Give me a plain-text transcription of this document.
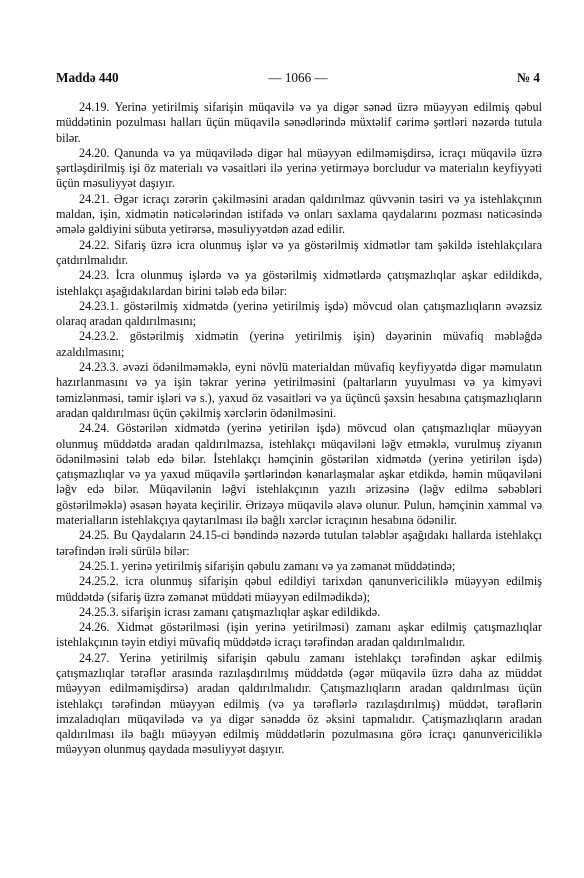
Maddə 440	— 1066 —	№ 4

24.19. Yerinə yetirilmiş sifarişin müqavilə və ya digər sənəd üzrə müəyyən edilmiş qəbul müddətinin pozulması halları üçün müqavilə sənədlərində müxtəlif cərimə şərtləri nəzərdə tutula bilər.

24.20. Qanunda və ya müqavilədə digər hal müəyyən edilməmişdirsə, icraçı müqavilə üzrə şərtləşdirilmiş işi öz materialı və vəsaitləri ilə yerinə yetirməyə borcludur və materialın keyfiyyəti üçün məsuliyyət daşıyır.

24.21. Əgər icraçı zərərin çəkilməsini aradan qaldırılmaz qüvvənin təsiri və ya istehlakçının maldan, işin, xidmətin nəticələrindən istifadə və onları saxlama qaydalarını pozması nəticəsində əmələ gəldiyini sübuta yetirərsə, məsuliyyətdən azad edilir.

24.22. Sifariş üzrə icra olunmuş işlər və ya göstərilmiş xidmətlər tam şəkildə istehlakçılara çatdırılmalıdır.

24.23. İcra olunmuş işlərdə və ya göstərilmiş xidmətlərdə çatışmazlıqlar aşkar edildikdə, istehlakçı aşağıdakılardan birini tələb edə bilər:

24.23.1. göstərilmiş xidmətdə (yerinə yetirilmiş işdə) mövcud olan çatışmazlıqların əvəzsiz olaraq aradan qaldırılmasını;

24.23.2. göstərilmiş xidmətin (yerinə yetirilmiş işin) dəyərinin müvafiq məbləğdə azaldılmasını;

24.23.3. əvəzi ödənilməməklə, eyni növlü materialdan müvafiq keyfiyyətdə digər məmulatın hazırlanmasını və ya işin təkrar yerinə yetirilməsini (paltarların yuyulması və ya kimyəvi təmizlənməsi, təmir işləri və s.), yaxud öz vəsaitləri və ya üçüncü şəxsin hesabına çatışmazlıqların aradan qaldırılması üçün çəkilmiş xərclərin ödənilməsini.

24.24. Göstərilən xidmətdə (yerinə yetirilən işdə) mövcud olan çatışmazlıqlar müəyyən olunmuş müddətdə aradan qaldırılmazsa, istehlakçı müqaviləni ləğv etməklə, vurulmuş ziyanın ödənilməsini tələb edə bilər. İstehlakçı həmçinin göstərilən xidmətdə (yerinə yetirilən işdə) çatışmazlıqlar və ya yaxud müqavilə şərtlərindən kənarlaşmalar aşkar etdikdə, həmin müqaviləni ləğv edə bilər. Müqavilənin ləğvi istehlakçının yazılı ərizəsinə (ləğv edilmə səbəbləri göstərilməklə) əsasən həyata keçirilir. Ərizəyə müqavilə əlavə olunur. Pulun, həmçinin xammal və materialların istehlakçıya qaytarılması ilə bağlı xərclər icraçının hesabına ödənilir.

24.25. Bu Qaydaların 24.15-ci bəndində nəzərdə tutulan tələblər aşağıdakı hallarda istehlakçı tərəfindən irəli sürülə bilər:

24.25.1. yerinə yetirilmiş sifarişin qəbulu zamanı və ya zəmanət müddətində;

24.25.2. icra olunmuş sifarişin qəbul edildiyi tarixdən qanunvericiliklə müəyyən edilmiş müddətdə (sifariş üzrə zəmanət müddəti müəyyən edilmədikdə);

24.25.3. sifarişin icrası zamanı çatışmazlıqlar aşkar edildikdə.

24.26. Xidmət göstərilməsi (işin yerinə yetirilməsi) zamanı aşkar edilmiş çatışmazlıqlar istehlakçının təyin etdiyi müvafiq müddətdə icraçı tərəfindən aradan qaldırılmalıdır.

24.27. Yerinə yetirilmiş sifarişin qəbulu zamanı istehlakçı tərəfindən aşkar edilmiş çatışmazlıqlar tərəflər arasında razılaşdırılmış müddətdə (əgər müqavilə üzrə daha az müddət müəyyən edilməmişdirsə) aradan qaldırılmalıdır. Çatışmazlıqların aradan qaldırılması üçün istehlakçı tərəfindən müəyyən edilmiş (və ya tərəflərlə razılaşdırılmış) müddət, tərəflərin imzaladıqları müqavilədə və ya digər sənəddə öz əksini tapmalıdır. Çatışmazlıqların aradan qaldırılması ilə bağlı müəyyən edilmiş müddətlərin pozulmasına görə icraçı qanunvericiliklə müəyyən olunmuş qaydada məsuliyyət daşıyır.
